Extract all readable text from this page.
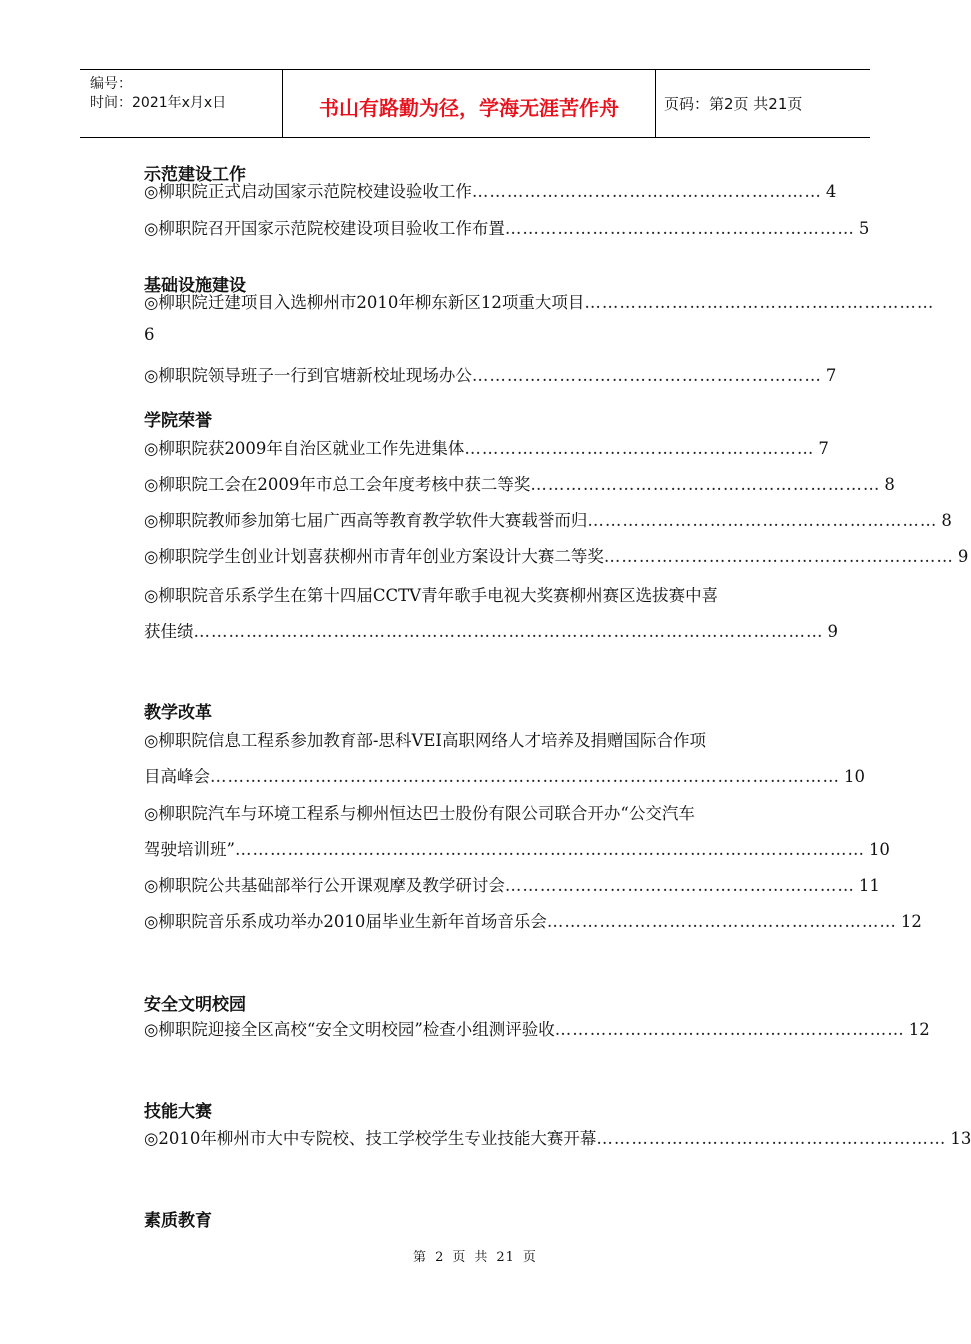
编号：
时间：2021年x月x日	书山有路勤为径，学海无涯苦作舟	页码：第2页 共21页
示范建设工作
◎柳职院正式启动国家示范院校建设验收工作 …………………………………………………… 4
◎柳职院召开国家示范院校建设项目验收工作布置 …………………………………………………… 5
基础设施建设
◎柳职院迁建项目入选柳州市2010年柳东新区12项重大项目 ……………………………………………………
6
◎柳职院领导班子一行到官塘新校址现场办公 …………………………………………………… 7
学院荣誉
◎柳职院获2009年自治区就业工作先进集体 …………………………………………………… 7
◎柳职院工会在2009年市总工会年度考核中获二等奖 …………………………………………………… 8
◎柳职院教师参加第七届广西高等教育教学软件大赛载誉而归 …………………………………………………… 8
◎柳职院学生创业计划喜获柳州市青年创业方案设计大赛二等奖 …………………………………………………… 9
◎柳职院音乐系学生在第十四届CCTV青年歌手电视大奖赛柳州赛区选拔赛中喜
获佳绩 ……………………………………………………………………………………………… 9
教学改革
◎柳职院信息工程系参加教育部-思科VEI高职网络人才培养及捐赠国际合作项
目高峰会 ……………………………………………………………………………………………… 10
◎柳职院汽车与环境工程系与柳州恒达巴士股份有限公司联合开办“公交汽车
驾驶培训班” ……………………………………………………………………………………………… 10
◎柳职院公共基础部举行公开课观摩及教学研讨会 …………………………………………………… 11
◎柳职院音乐系成功举办2010届毕业生新年首场音乐会 …………………………………………………… 12
安全文明校园
◎柳职院迎接全区高校“安全文明校园”检查小组测评验收 …………………………………………………… 12
技能大赛
◎2010年柳州市大中专院校、技工学校学生专业技能大赛开幕 …………………………………………………… 13
素质教育
第 2 页 共 21 页
